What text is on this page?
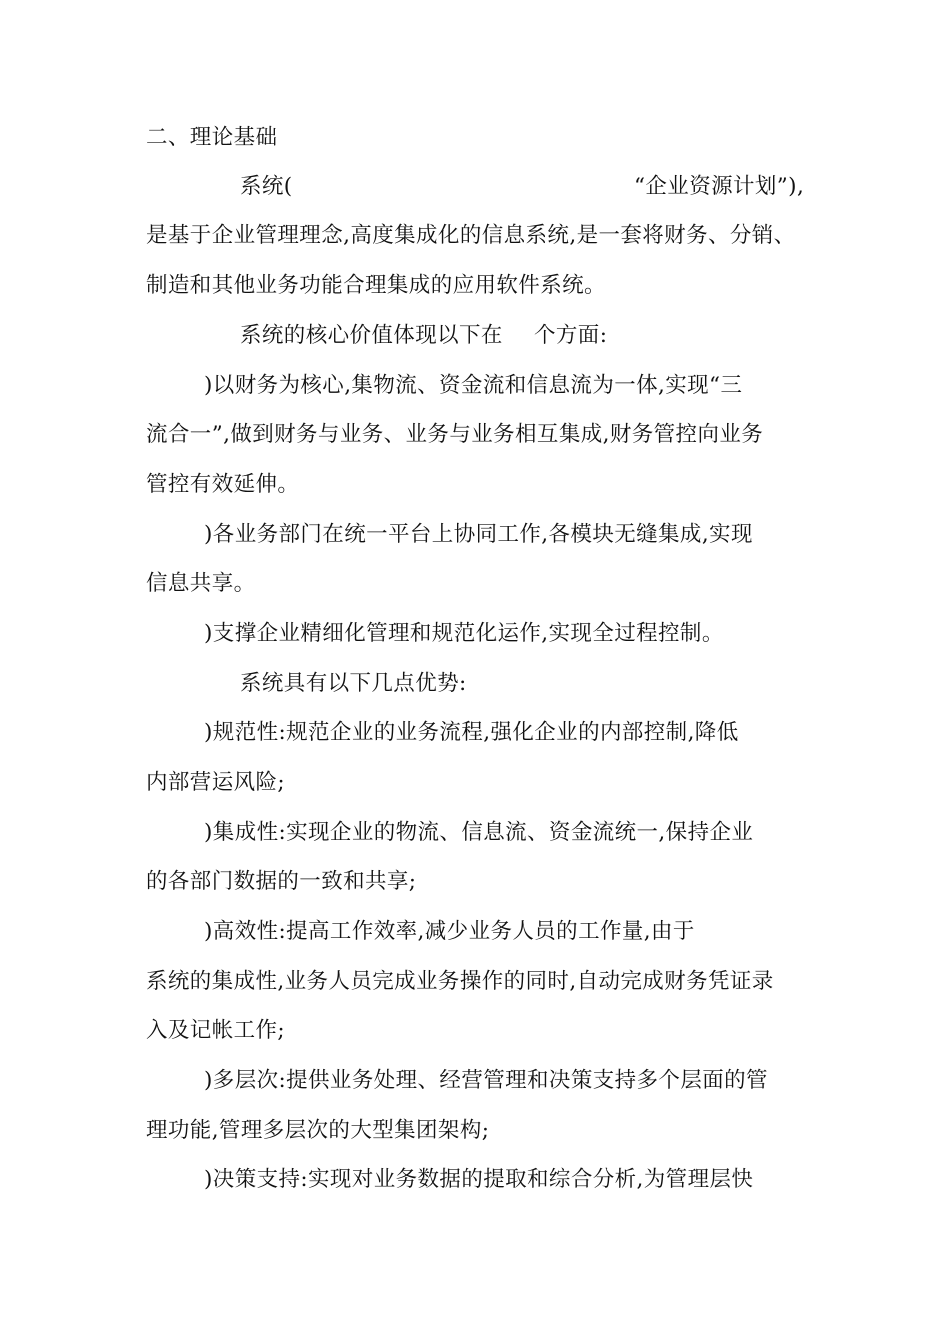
二、理论基础
系统(	“企业资源计划”),
是基于企业管理理念,高度集成化的信息系统,是一套将财务、分销、
制造和其他业务功能合理集成的应用软件系统。
系统的核心价值体现以下在 个方面:
)以财务为核心,集物流、资金流和信息流为一体,实现“三
流合一”,做到财务与业务、业务与业务相互集成,财务管控向业务
管控有效延伸。
)各业务部门在统一平台上协同工作,各模块无缝集成,实现
信息共享。
)支撑企业精细化管理和规范化运作,实现全过程控制。
系统具有以下几点优势:
)规范性:规范企业的业务流程,强化企业的内部控制,降低
内部营运风险;
)集成性:实现企业的物流、信息流、资金流统一,保持企业
的各部门数据的一致和共享;
)高效性:提高工作效率,减少业务人员的工作量,由于
系统的集成性,业务人员完成业务操作的同时,自动完成财务凭证录
入及记帐工作;
)多层次:提供业务处理、经营管理和决策支持多个层面的管
理功能,管理多层次的大型集团架构;
)决策支持:实现对业务数据的提取和综合分析,为管理层快
